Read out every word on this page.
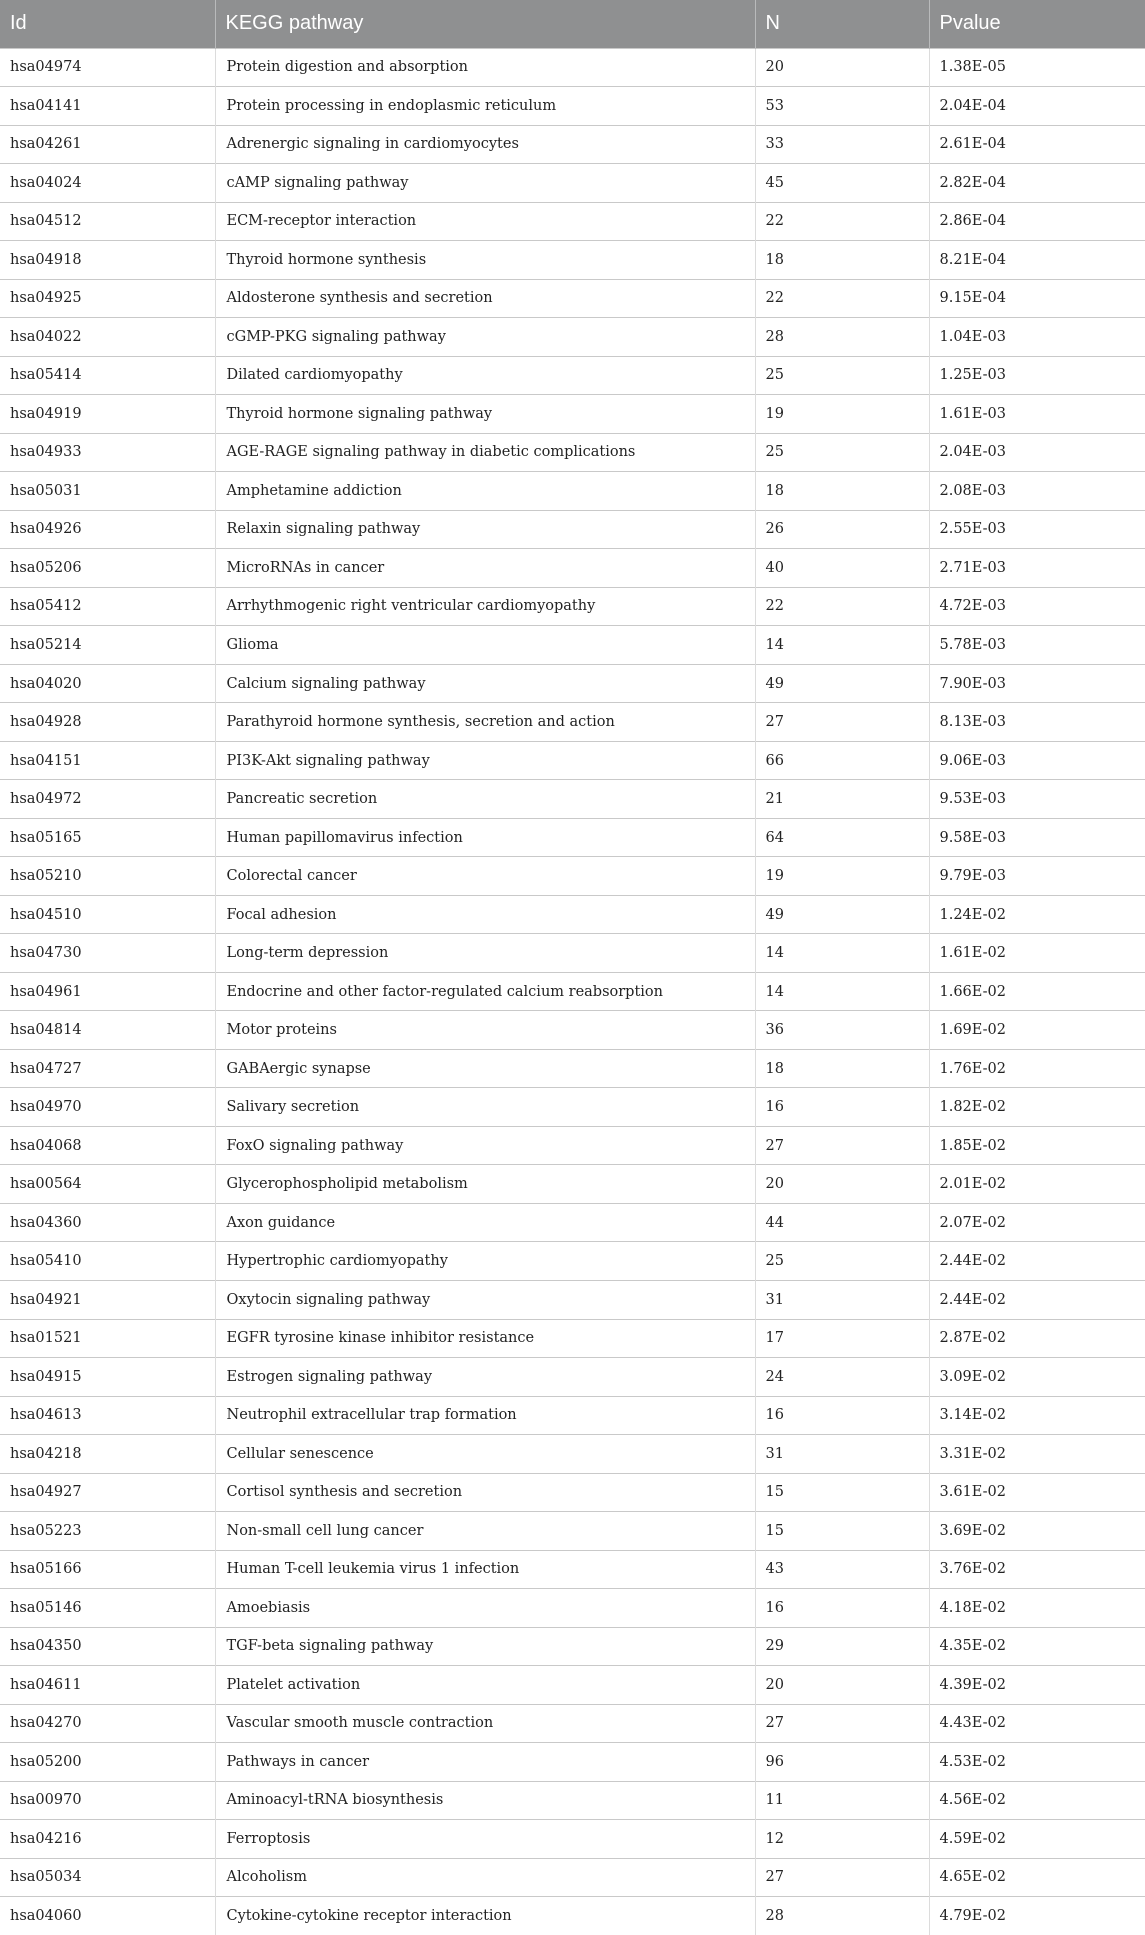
Id	KEGG pathway	N	Pvalue
hsa04974	Protein digestion and absorption	20	1.38E-05
hsa04141	Protein processing in endoplasmic reticulum	53	2.04E-04
hsa04261	Adrenergic signaling in cardiomyocytes	33	2.61E-04
hsa04024	cAMP signaling pathway	45	2.82E-04
hsa04512	ECM-receptor interaction	22	2.86E-04
hsa04918	Thyroid hormone synthesis	18	8.21E-04
hsa04925	Aldosterone synthesis and secretion	22	9.15E-04
hsa04022	cGMP-PKG signaling pathway	28	1.04E-03
hsa05414	Dilated cardiomyopathy	25	1.25E-03
hsa04919	Thyroid hormone signaling pathway	19	1.61E-03
hsa04933	AGE-RAGE signaling pathway in diabetic complications	25	2.04E-03
hsa05031	Amphetamine addiction	18	2.08E-03
hsa04926	Relaxin signaling pathway	26	2.55E-03
hsa05206	MicroRNAs in cancer	40	2.71E-03
hsa05412	Arrhythmogenic right ventricular cardiomyopathy	22	4.72E-03
hsa05214	Glioma	14	5.78E-03
hsa04020	Calcium signaling pathway	49	7.90E-03
hsa04928	Parathyroid hormone synthesis, secretion and action	27	8.13E-03
hsa04151	PI3K-Akt signaling pathway	66	9.06E-03
hsa04972	Pancreatic secretion	21	9.53E-03
hsa05165	Human papillomavirus infection	64	9.58E-03
hsa05210	Colorectal cancer	19	9.79E-03
hsa04510	Focal adhesion	49	1.24E-02
hsa04730	Long-term depression	14	1.61E-02
hsa04961	Endocrine and other factor-regulated calcium reabsorption	14	1.66E-02
hsa04814	Motor proteins	36	1.69E-02
hsa04727	GABAergic synapse	18	1.76E-02
hsa04970	Salivary secretion	16	1.82E-02
hsa04068	FoxO signaling pathway	27	1.85E-02
hsa00564	Glycerophospholipid metabolism	20	2.01E-02
hsa04360	Axon guidance	44	2.07E-02
hsa05410	Hypertrophic cardiomyopathy	25	2.44E-02
hsa04921	Oxytocin signaling pathway	31	2.44E-02
hsa01521	EGFR tyrosine kinase inhibitor resistance	17	2.87E-02
hsa04915	Estrogen signaling pathway	24	3.09E-02
hsa04613	Neutrophil extracellular trap formation	16	3.14E-02
hsa04218	Cellular senescence	31	3.31E-02
hsa04927	Cortisol synthesis and secretion	15	3.61E-02
hsa05223	Non-small cell lung cancer	15	3.69E-02
hsa05166	Human T-cell leukemia virus 1 infection	43	3.76E-02
hsa05146	Amoebiasis	16	4.18E-02
hsa04350	TGF-beta signaling pathway	29	4.35E-02
hsa04611	Platelet activation	20	4.39E-02
hsa04270	Vascular smooth muscle contraction	27	4.43E-02
hsa05200	Pathways in cancer	96	4.53E-02
hsa00970	Aminoacyl-tRNA biosynthesis	11	4.56E-02
hsa04216	Ferroptosis	12	4.59E-02
hsa05034	Alcoholism	27	4.65E-02
hsa04060	Cytokine-cytokine receptor interaction	28	4.79E-02
